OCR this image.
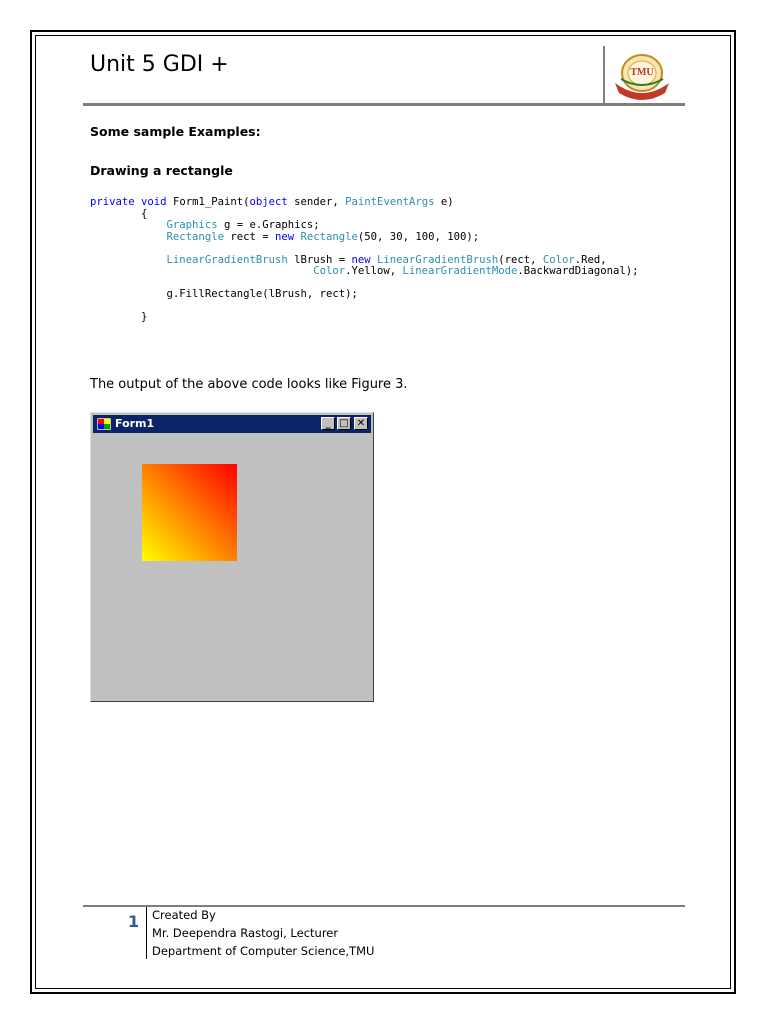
Unit 5 GDI +	TMU
Some sample Examples:
Drawing a rectangle
private void Form1_Paint(object sender, PaintEventArgs e)
{
Graphics g = e.Graphics;
Rectangle rect = new Rectangle(50, 30, 100, 100);
LinearGradientBrush lBrush = new LinearGradientBrush(rect, Color.Red,
Color.Yellow, LinearGradientMode.BackwardDiagonal);
g.FillRectangle(lBrush, rect);
}
The output of the above code looks like Figure 3.
Form1	_ □ ✕
1 Created By
Mr. Deependra Rastogi, Lecturer
Department of Computer Science,TMU
